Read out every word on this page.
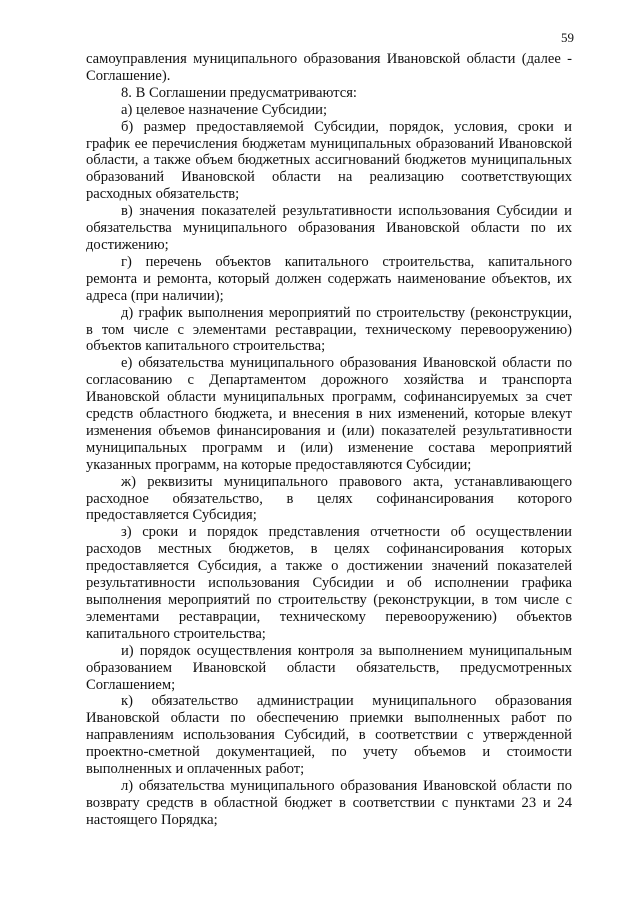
59

самоуправления муниципального образования Ивановской области (далее - Соглашение).

8. В Соглашении предусматриваются:

а) целевое назначение Субсидии;

б) размер предоставляемой Субсидии, порядок, условия, сроки и график ее перечисления бюджетам муниципальных образований Ивановской области, а также объем бюджетных ассигнований бюджетов муниципальных образований Ивановской области на реализацию соответствующих расходных обязательств;

в) значения показателей результативности использования Субсидии и обязательства муниципального образования Ивановской области по их достижению;

г) перечень объектов капитального строительства, капитального ремонта и ремонта, который должен содержать наименование объектов, их адреса (при наличии);

д) график выполнения мероприятий по строительству (реконструкции, в том числе с элементами реставрации, техническому перевооружению) объектов капитального строительства;

е) обязательства муниципального образования Ивановской области по согласованию с Департаментом дорожного хозяйства и транспорта Ивановской области муниципальных программ, софинансируемых за счет средств областного бюджета, и внесения в них изменений, которые влекут изменения объемов финансирования и (или) показателей результативности муниципальных программ и (или) изменение состава мероприятий указанных программ, на которые предоставляются Субсидии;

ж) реквизиты муниципального правового акта, устанавливающего расходное обязательство, в целях софинансирования которого предоставляется Субсидия;

з) сроки и порядок представления отчетности об осуществлении расходов местных бюджетов, в целях софинансирования которых предоставляется Субсидия, а также о достижении значений показателей результативности использования Субсидии и об исполнении графика выполнения мероприятий по строительству (реконструкции, в том числе с элементами реставрации, техническому перевооружению) объектов капитального строительства;

и) порядок осуществления контроля за выполнением муниципальным образованием Ивановской области обязательств, предусмотренных Соглашением;

к) обязательство администрации муниципального образования Ивановской области по обеспечению приемки выполненных работ по направлениям использования Субсидий, в соответствии с утвержденной проектно-сметной документацией, по учету объемов и стоимости выполненных и оплаченных работ;

л) обязательства муниципального образования Ивановской области по возврату средств в областной бюджет в соответствии с пунктами 23 и 24 настоящего Порядка;
